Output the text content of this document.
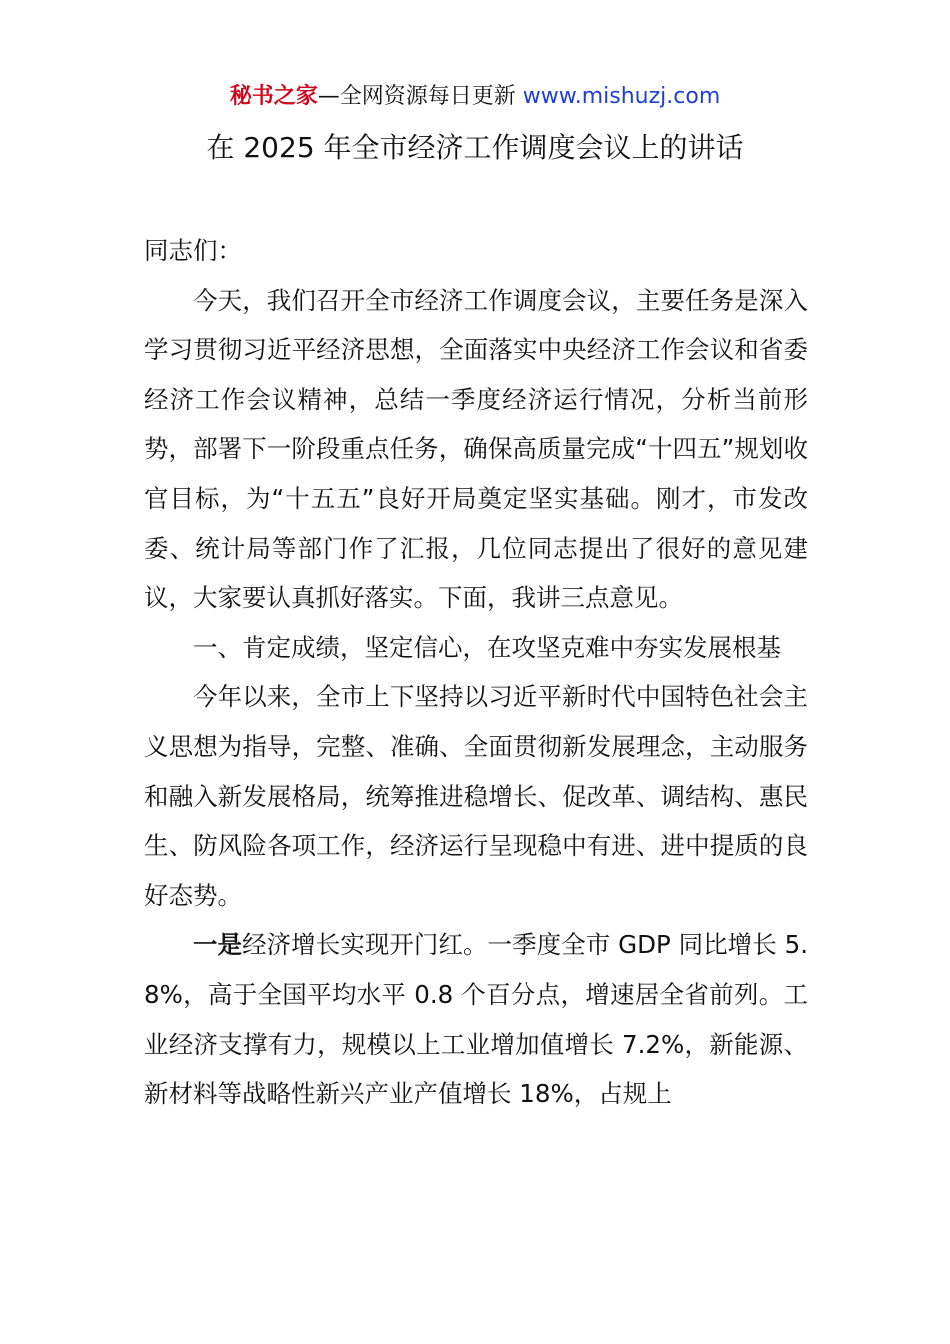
秘书之家—全网资源每日更新 www.mishuzj.com
在 2025 年全市经济工作调度会议上的讲话

同志们：

今天，我们召开全市经济工作调度会议，主要任务是深入学习贯彻习近平经济思想，全面落实中央经济工作会议和省委经济工作会议精神，总结一季度经济运行情况，分析当前形势，部署下一阶段重点任务，确保高质量完成“十四五”规划收官目标，为“十五五”良好开局奠定坚实基础。刚才，市发改委、统计局等部门作了汇报，几位同志提出了很好的意见建议，大家要认真抓好落实。下面，我讲三点意见。

一、肯定成绩，坚定信心，在攻坚克难中夯实发展根基

今年以来，全市上下坚持以习近平新时代中国特色社会主义思想为指导，完整、准确、全面贯彻新发展理念，主动服务和融入新发展格局，统筹推进稳增长、促改革、调结构、惠民生、防风险各项工作，经济运行呈现稳中有进、进中提质的良好态势。

一是经济增长实现开门红。一季度全市 GDP 同比增长 5.8%，高于全国平均水平 0.8 个百分点，增速居全省前列。工业经济支撑有力，规模以上工业增加值增长 7.2%，新能源、新材料等战略性新兴产业产值增长 18%，占规上
